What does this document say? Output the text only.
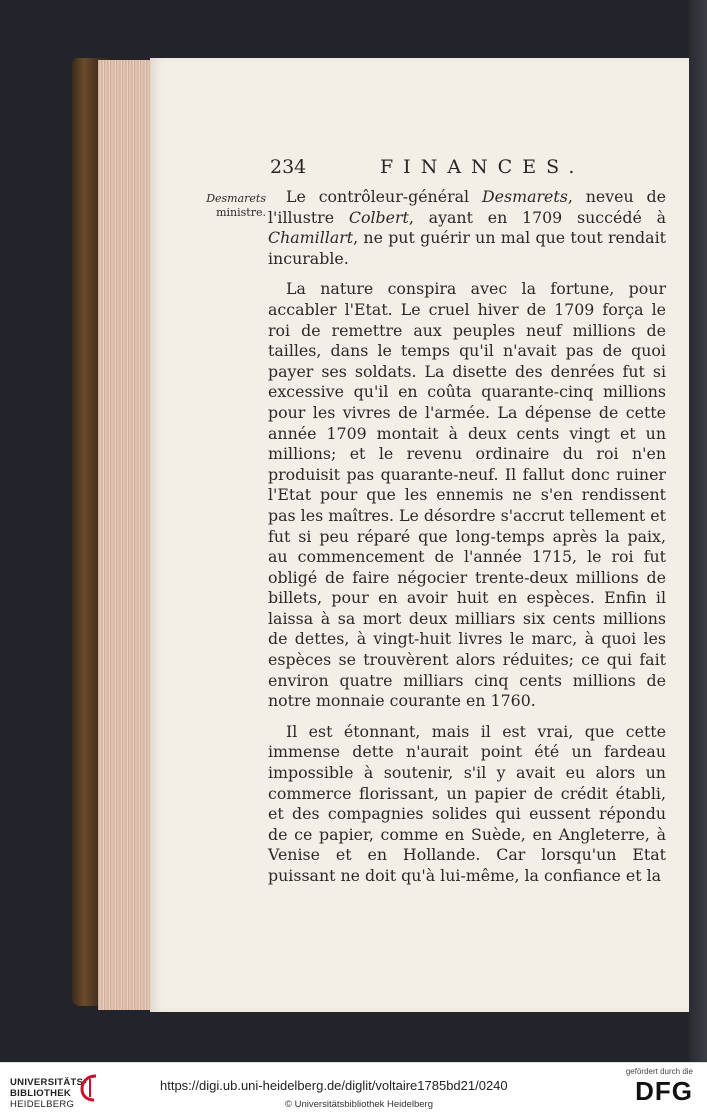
234	FINANCES.
Desmarets
ministre.

Le contrôleur-général Desmarets, neveu de l'illustre Colbert, ayant en 1709 succédé à Chamillart, ne put guérir un mal que tout rendait incurable.

La nature conspira avec la fortune, pour accabler l'Etat. Le cruel hiver de 1709 força le roi de remettre aux peuples neuf millions de tailles, dans le temps qu'il n'avait pas de quoi payer ses soldats. La disette des denrées fut si excessive qu'il en coûta quarante-cinq millions pour les vivres de l'armée. La dépense de cette année 1709 montait à deux cents vingt et un millions; et le revenu ordinaire du roi n'en produisit pas quarante-neuf. Il fallut donc ruiner l'Etat pour que les ennemis ne s'en rendissent pas les maîtres. Le désordre s'accrut tellement et fut si peu réparé que long-temps après la paix, au commencement de l'année 1715, le roi fut obligé de faire négocier trente-deux millions de billets, pour en avoir huit en espèces. Enfin il laissa à sa mort deux milliars six cents millions de dettes, à vingt-huit livres le marc, à quoi les espèces se trouvèrent alors réduites; ce qui fait environ quatre milliars cinq cents millions de notre monnaie courante en 1760.

Il est étonnant, mais il est vrai, que cette immense dette n'aurait point été un fardeau impossible à soutenir, s'il y avait eu alors un commerce florissant, un papier de crédit établi, et des compagnies solides qui eussent répondu de ce papier, comme en Suède, en Angleterre, à Venise et en Hollande. Car lorsqu'un Etat puissant ne doit qu'à lui-même, la confiance et la

UNIVERSITÄTS-
BIBLIOTHEK
HEIDELBERG
https://digi.ub.uni-heidelberg.de/diglit/voltaire1785bd21/0240
© Universitätsbibliothek Heidelberg
gefördert durch die
DFG
